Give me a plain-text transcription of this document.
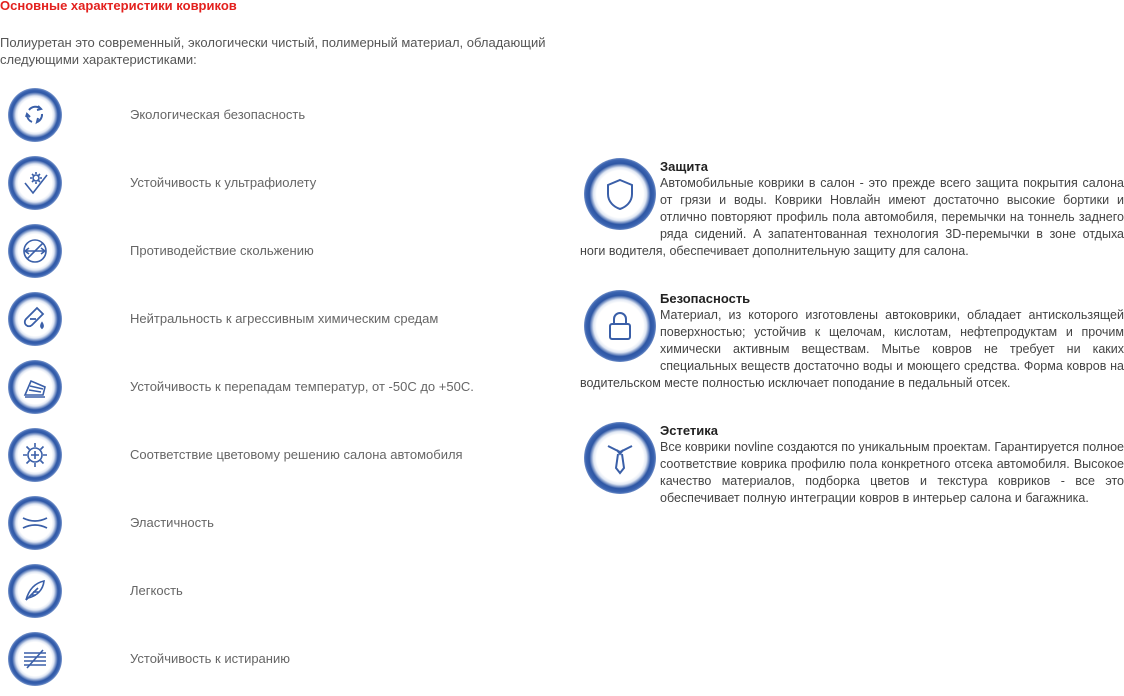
Основные характеристики ковриков
Полиуретан это современный, экологически чистый, полимерный материал, обладающий следующими характеристиками:
Экологическая безопасность
Устойчивость к ультрафиолету
Противодействие скольжению
Нейтральность к агрессивным химическим средам
Устойчивость к перепадам температур, от -50С до +50С.
Соответствие цветовому решению салона автомобиля
Эластичность
Легкость
Устойчивость к истиранию
Защита
Автомобильные коврики в салон - это прежде всего защита покрытия салона от грязи и воды. Коврики Новлайн имеют достаточно высокие бортики и отлично повторяют профиль пола автомобиля, перемычки на тоннель заднего ряда сидений. А запатентованная технология 3D-перемычки в зоне отдыха ноги водителя, обеспечивает дополнительную защиту для салона.
Безопасность
Материал, из которого изготовлены автоковрики, обладает антискользящей поверхностью; устойчив к щелочам, кислотам, нефтепродуктам и прочим химически активным веществам. Мытье ковров не требует ни каких специальных веществ достаточно воды и моющего средства. Форма ковров на водительском месте полностью исключает поподание в педальный отсек.
Эстетика
Все коврики novline создаются по уникальным проектам. Гарантируется полное соответствие коврика профилю пола конкретного отсека автомобиля. Высокое качество материалов, подборка цветов и текстура ковриков - все это обеспечивает полную интеграции ковров в интерьер салона и багажника.
